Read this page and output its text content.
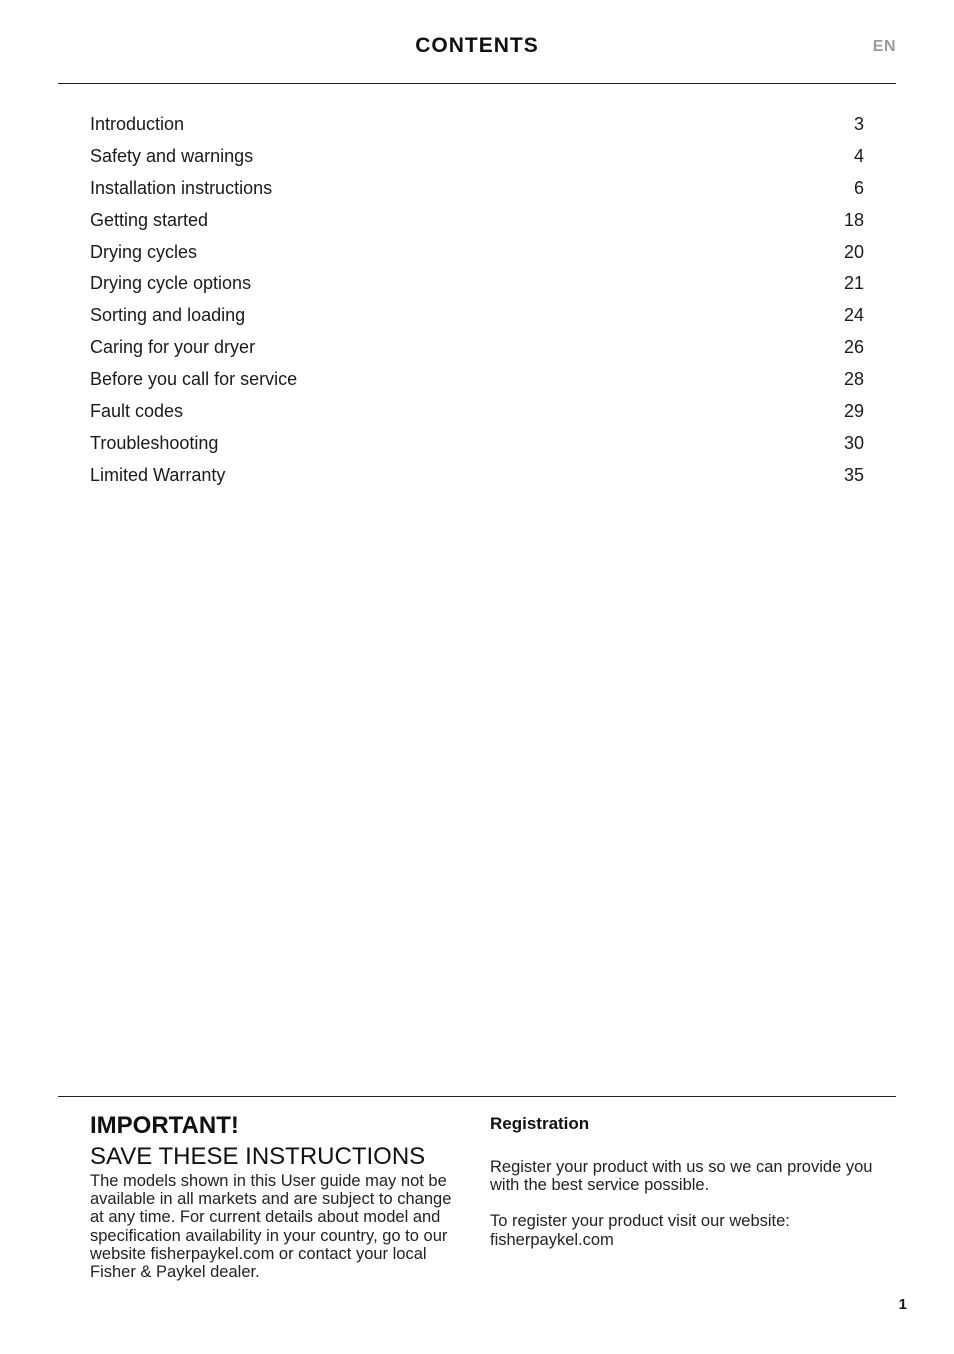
CONTENTS	EN
Introduction	3
Safety and warnings	4
Installation instructions	6
Getting started	18
Drying cycles	20
Drying cycle options	21
Sorting and loading	24
Caring for your dryer	26
Before you call for service	28
Fault codes	29
Troubleshooting	30
Limited Warranty	35

IMPORTANT!

SAVE THESE INSTRUCTIONS

The models shown in this User guide may not be available in all markets and are subject to change at any time. For current details about model and specification availability in your country, go to our website fisherpaykel.com or contact your local Fisher & Paykel dealer.

Registration

Register your product with us so we can provide you with the best service possible.

To register your product visit our website: fisherpaykel.com

1
